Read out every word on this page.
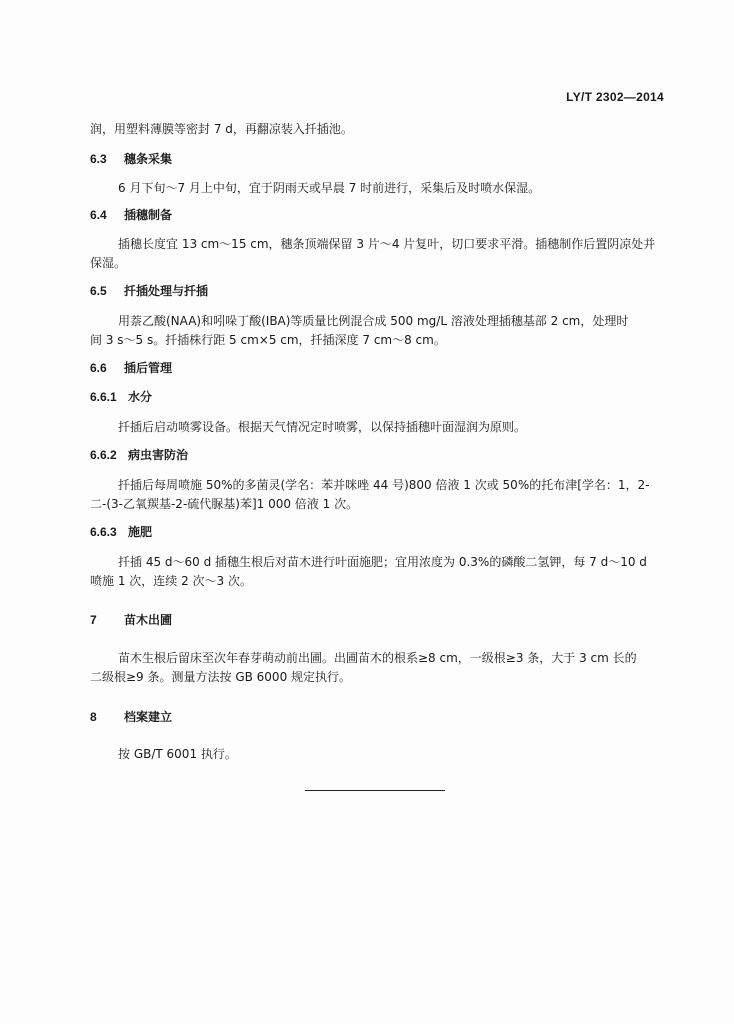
LY/T 2302—2014
润，用塑料薄膜等密封 7 d，再翻凉装入扦插池。
6.3 穗条采集
6 月下旬～7 月上中旬，宜于阴雨天或早晨 7 时前进行，采集后及时喷水保湿。
6.4 插穗制备
插穗长度宜 13 cm～15 cm，穗条顶端保留 3 片～4 片复叶，切口要求平滑。插穗制作后置阴凉处并
保湿。
6.5 扦插处理与扦插
用萘乙酸(NAA)和吲哚丁酸(IBA)等质量比例混合成 500 mg/L 溶液处理插穗基部 2 cm，处理时
间 3 s～5 s。扦插株行距 5 cm×5 cm，扦插深度 7 cm～8 cm。
6.6 插后管理
6.6.1 水分
扦插后启动喷雾设备。根据天气情况定时喷雾，以保持插穗叶面湿润为原则。
6.6.2 病虫害防治
扦插后每周喷施 50%的多菌灵(学名：苯并咪唑 44 号)800 倍液 1 次或 50%的托布津[学名：1，2-
二-(3-乙氧羰基-2-硫代脲基)苯]1 000 倍液 1 次。
6.6.3 施肥
扦插 45 d～60 d 插穗生根后对苗木进行叶面施肥；宜用浓度为 0.3%的磷酸二氢钾，每 7 d～10 d
喷施 1 次，连续 2 次～3 次。
7 苗木出圃
苗木生根后留床至次年春芽萌动前出圃。出圃苗木的根系≥8 cm，一级根≥3 条，大于 3 cm 长的
二级根≥9 条。测量方法按 GB 6000 规定执行。
8 档案建立
按 GB/T 6001 执行。
